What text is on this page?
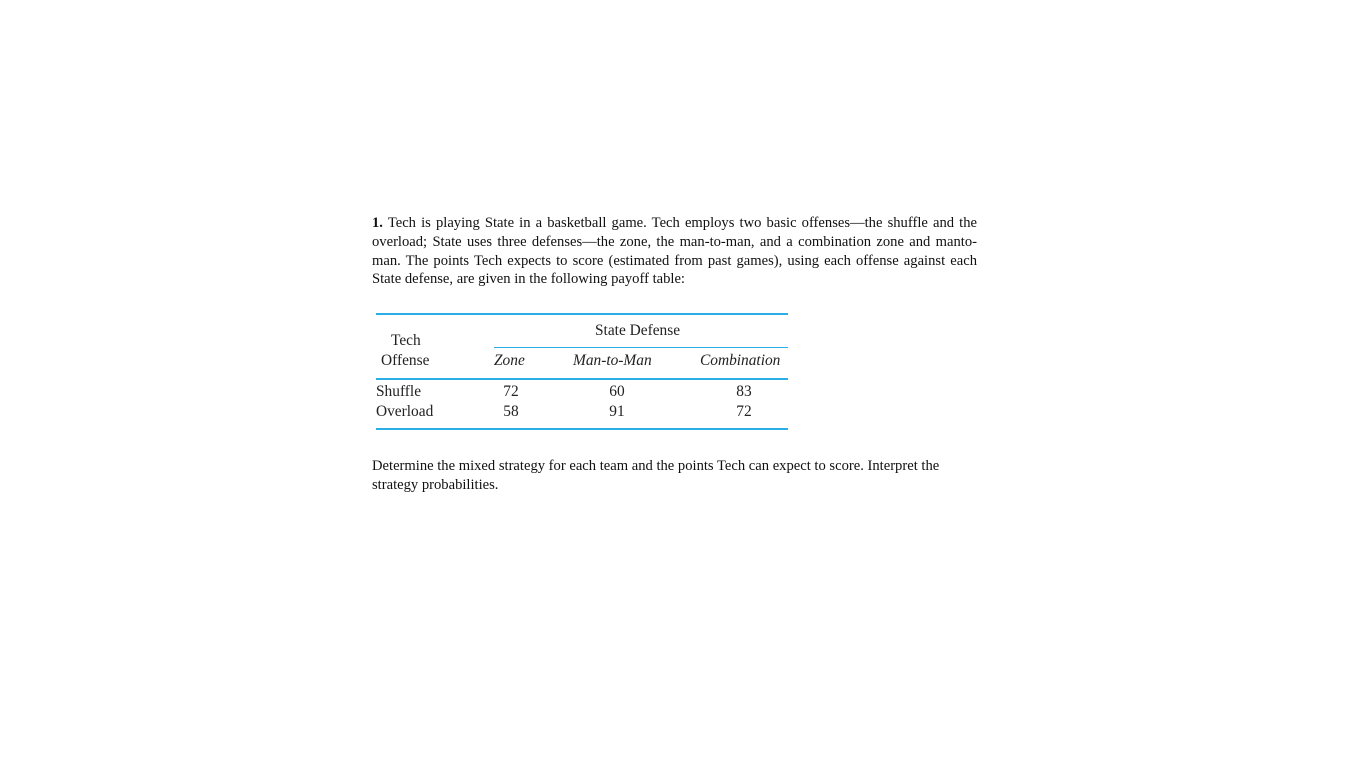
1. Tech is playing State in a basketball game. Tech employs two basic offenses—the shuffle and the overload; State uses three defenses—the zone, the man-to-man, and a combination zone and manto-man. The points Tech expects to score (estimated from past games), using each offense against each State defense, are given in the following payoff table:
Tech
Offense
State Defense
Zone	Man-to-Man	Combination
Shuffle	72	60	83
Overload	58	91	72
Determine the mixed strategy for each team and the points Tech can expect to score. Interpret the strategy probabilities.
